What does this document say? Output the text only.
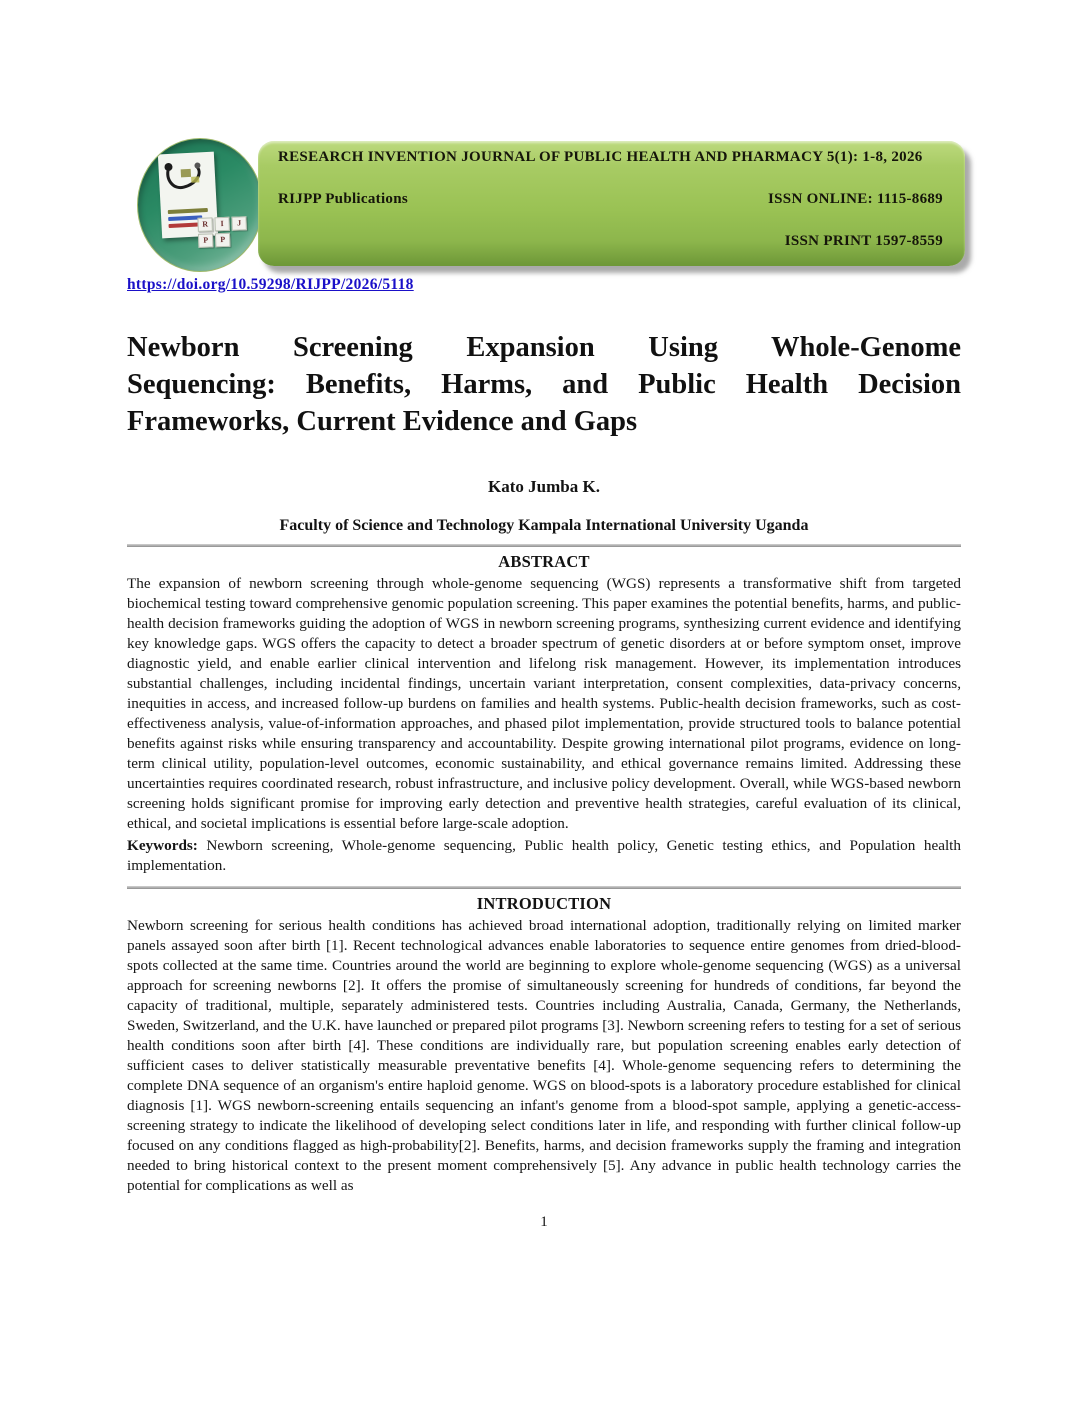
R	I	J
P	P
RESEARCH INVENTION JOURNAL OF PUBLIC HEALTH AND PHARMACY 5(1): 1-8, 2026
RIJPP Publications	ISSN ONLINE: 1115-8689
ISSN PRINT 1597-8559
https://doi.org/10.59298/RIJPP/2026/5118
Newborn Screening Expansion Using Whole-Genome
Sequencing: Benefits, Harms, and Public Health Decision
Frameworks, Current Evidence and Gaps
Kato Jumba K.
Faculty of Science and Technology Kampala International University Uganda
ABSTRACT

The expansion of newborn screening through whole-genome sequencing (WGS) represents a transformative shift from targeted biochemical testing toward comprehensive genomic population screening. This paper examines the potential benefits, harms, and public-health decision frameworks guiding the adoption of WGS in newborn screening programs, synthesizing current evidence and identifying key knowledge gaps. WGS offers the capacity to detect a broader spectrum of genetic disorders at or before symptom onset, improve diagnostic yield, and enable earlier clinical intervention and lifelong risk management. However, its implementation introduces substantial challenges, including incidental findings, uncertain variant interpretation, consent complexities, data-privacy concerns, inequities in access, and increased follow-up burdens on families and health systems. Public-health decision frameworks, such as cost-effectiveness analysis, value-of-information approaches, and phased pilot implementation, provide structured tools to balance potential benefits against risks while ensuring transparency and accountability. Despite growing international pilot programs, evidence on long-term clinical utility, population-level outcomes, economic sustainability, and ethical governance remains limited. Addressing these uncertainties requires coordinated research, robust infrastructure, and inclusive policy development. Overall, while WGS-based newborn screening holds significant promise for improving early detection and preventive health strategies, careful evaluation of its clinical, ethical, and societal implications is essential before large-scale adoption.

Keywords: Newborn screening, Whole-genome sequencing, Public health policy, Genetic testing ethics, and Population health implementation.

INTRODUCTION

Newborn screening for serious health conditions has achieved broad international adoption, traditionally relying on limited marker panels assayed soon after birth [1]. Recent technological advances enable laboratories to sequence entire genomes from dried-blood-spots collected at the same time. Countries around the world are beginning to explore whole-genome sequencing (WGS) as a universal approach for screening newborns [2]. It offers the promise of simultaneously screening for hundreds of conditions, far beyond the capacity of traditional, multiple, separately administered tests. Countries including Australia, Canada, Germany, the Netherlands, Sweden, Switzerland, and the U.K. have launched or prepared pilot programs [3]. Newborn screening refers to testing for a set of serious health conditions soon after birth [4]. These conditions are individually rare, but population screening enables early detection of sufficient cases to deliver statistically measurable preventative benefits [4]. Whole-genome sequencing refers to determining the complete DNA sequence of an organism's entire haploid genome. WGS on blood-spots is a laboratory procedure established for clinical diagnosis [1]. WGS newborn-screening entails sequencing an infant's genome from a blood-spot sample, applying a genetic-access-screening strategy to indicate the likelihood of developing select conditions later in life, and responding with further clinical follow-up focused on any conditions flagged as high-probability[2]. Benefits, harms, and decision frameworks supply the framing and integration needed to bring historical context to the present moment comprehensively [5]. Any advance in public health technology carries the potential for complications as well as

1
